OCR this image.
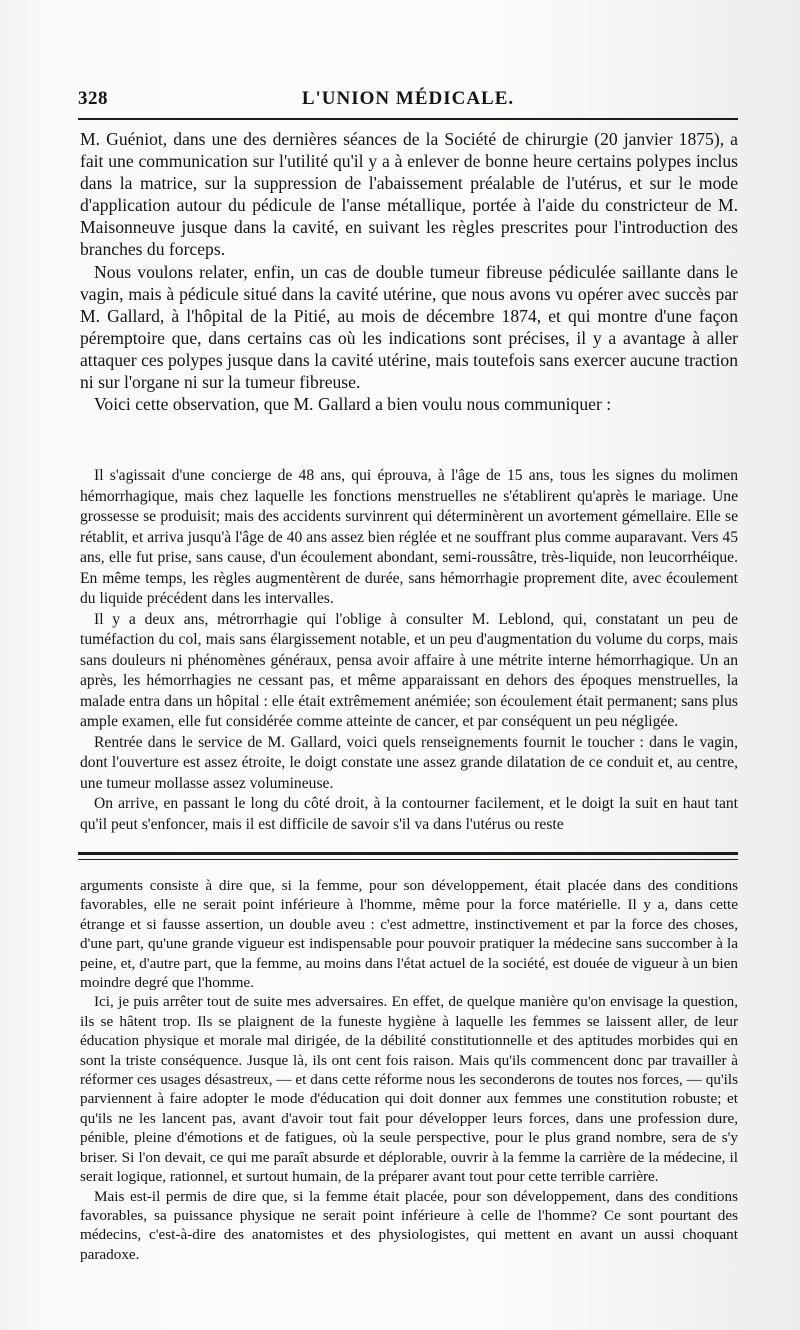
328	L'UNION MÉDICALE.

M. Guéniot, dans une des dernières séances de la Société de chirurgie (20 janvier 1875), a fait une communication sur l'utilité qu'il y a à enlever de bonne heure certains polypes inclus dans la matrice, sur la suppression de l'abaissement préalable de l'utérus, et sur le mode d'application autour du pédicule de l'anse métallique, portée à l'aide du constricteur de M. Maisonneuve jusque dans la cavité, en suivant les règles prescrites pour l'introduction des branches du forceps.

Nous voulons relater, enfin, un cas de double tumeur fibreuse pédiculée saillante dans le vagin, mais à pédicule situé dans la cavité utérine, que nous avons vu opérer avec succès par M. Gallard, à l'hôpital de la Pitié, au mois de décembre 1874, et qui montre d'une façon péremptoire que, dans certains cas où les indications sont précises, il y a avantage à aller attaquer ces polypes jusque dans la cavité utérine, mais toutefois sans exercer aucune traction ni sur l'organe ni sur la tumeur fibreuse.

Voici cette observation, que M. Gallard a bien voulu nous communiquer :

Il s'agissait d'une concierge de 48 ans, qui éprouva, à l'âge de 15 ans, tous les signes du molimen hémorrhagique, mais chez laquelle les fonctions menstruelles ne s'établirent qu'après le mariage. Une grossesse se produisit; mais des accidents survinrent qui déterminèrent un avortement gémellaire. Elle se rétablit, et arriva jusqu'à l'âge de 40 ans assez bien réglée et ne souffrant plus comme auparavant. Vers 45 ans, elle fut prise, sans cause, d'un écoulement abondant, semi-roussâtre, très-liquide, non leucorrhéique. En même temps, les règles augmentèrent de durée, sans hémorrhagie proprement dite, avec écoulement du liquide précédent dans les intervalles.

Il y a deux ans, métrorrhagie qui l'oblige à consulter M. Leblond, qui, constatant un peu de tuméfaction du col, mais sans élargissement notable, et un peu d'augmentation du volume du corps, mais sans douleurs ni phénomènes généraux, pensa avoir affaire à une métrite interne hémorrhagique. Un an après, les hémorrhagies ne cessant pas, et même apparaissant en dehors des époques menstruelles, la malade entra dans un hôpital : elle était extrêmement anémiée; son écoulement était permanent; sans plus ample examen, elle fut considérée comme atteinte de cancer, et par conséquent un peu négligée.

Rentrée dans le service de M. Gallard, voici quels renseignements fournit le toucher : dans le vagin, dont l'ouverture est assez étroite, le doigt constate une assez grande dilatation de ce conduit et, au centre, une tumeur mollasse assez volumineuse.

On arrive, en passant le long du côté droit, à la contourner facilement, et le doigt la suit en haut tant qu'il peut s'enfoncer, mais il est difficile de savoir s'il va dans l'utérus ou reste

arguments consiste à dire que, si la femme, pour son développement, était placée dans des conditions favorables, elle ne serait point inférieure à l'homme, même pour la force matérielle. Il y a, dans cette étrange et si fausse assertion, un double aveu : c'est admettre, instinctivement et par la force des choses, d'une part, qu'une grande vigueur est indispensable pour pouvoir pratiquer la médecine sans succomber à la peine, et, d'autre part, que la femme, au moins dans l'état actuel de la société, est douée de vigueur à un bien moindre degré que l'homme.

Ici, je puis arrêter tout de suite mes adversaires. En effet, de quelque manière qu'on envisage la question, ils se hâtent trop. Ils se plaignent de la funeste hygiène à laquelle les femmes se laissent aller, de leur éducation physique et morale mal dirigée, de la débilité constitutionnelle et des aptitudes morbides qui en sont la triste conséquence. Jusque là, ils ont cent fois raison. Mais qu'ils commencent donc par travailler à réformer ces usages désastreux, — et dans cette réforme nous les seconderons de toutes nos forces, — qu'ils parviennent à faire adopter le mode d'éducation qui doit donner aux femmes une constitution robuste; et qu'ils ne les lancent pas, avant d'avoir tout fait pour développer leurs forces, dans une profession dure, pénible, pleine d'émotions et de fatigues, où la seule perspective, pour le plus grand nombre, sera de s'y briser. Si l'on devait, ce qui me paraît absurde et déplorable, ouvrir à la femme la carrière de la médecine, il serait logique, rationnel, et surtout humain, de la préparer avant tout pour cette terrible carrière.

Mais est-il permis de dire que, si la femme était placée, pour son développement, dans des conditions favorables, sa puissance physique ne serait point inférieure à celle de l'homme? Ce sont pourtant des médecins, c'est-à-dire des anatomistes et des physiologistes, qui mettent en avant un aussi choquant paradoxe.
